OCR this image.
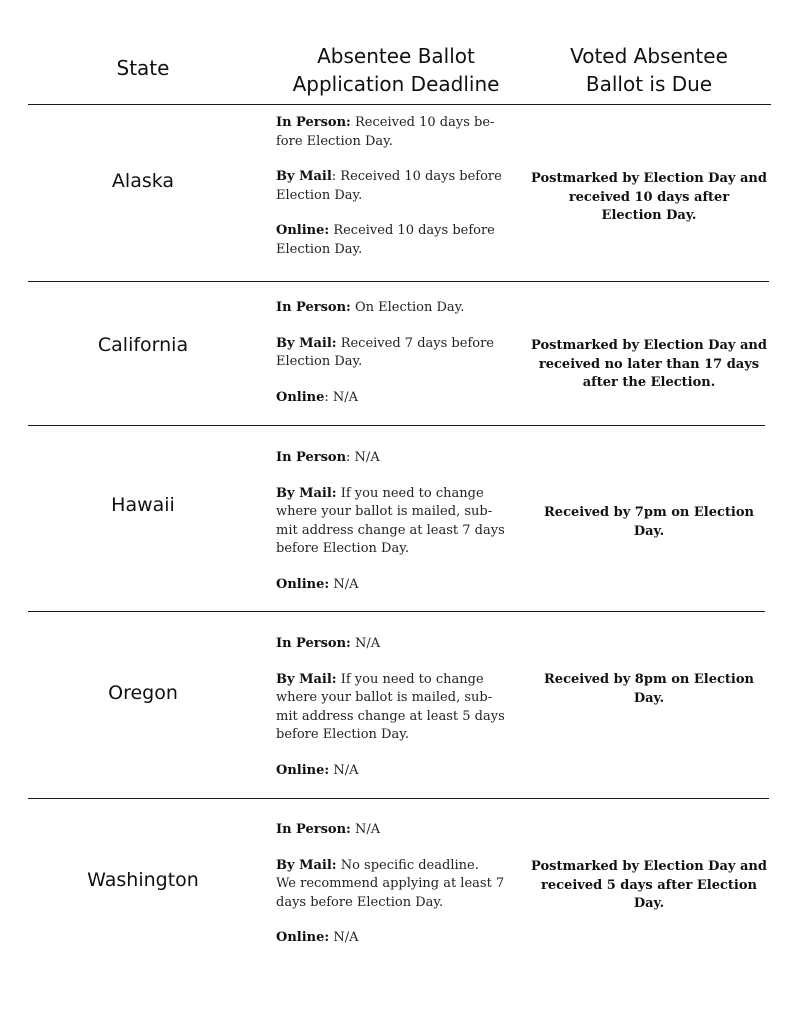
State	Absentee Ballot
Application Deadline
Voted Absentee
Ballot is Due
Alaska
In Person: Received 10 days be-
fore Election Day.
By Mail: Received 10 days before
Election Day.
Online: Received 10 days before
Election Day.
Postmarked by Election Day and
received 10 days after
Election Day.
California
In Person: On Election Day.
By Mail: Received 7 days before
Election Day.
Online: N/A
Postmarked by Election Day and
received no later than 17 days
after the Election.
Hawaii
In Person: N/A
By Mail: If you need to change
where your ballot is mailed, sub-
mit address change at least 7 days
before Election Day.
Online: N/A
Received by 7pm on Election
Day.
Oregon
In Person: N/A
By Mail: If you need to change
where your ballot is mailed, sub-
mit address change at least 5 days
before Election Day.
Online: N/A
Received by 8pm on Election
Day.
Washington
In Person: N/A
By Mail: No specific deadline.
We recommend applying at least 7
days before Election Day.
Online: N/A
Postmarked by Election Day and
received 5 days after Election
Day.
